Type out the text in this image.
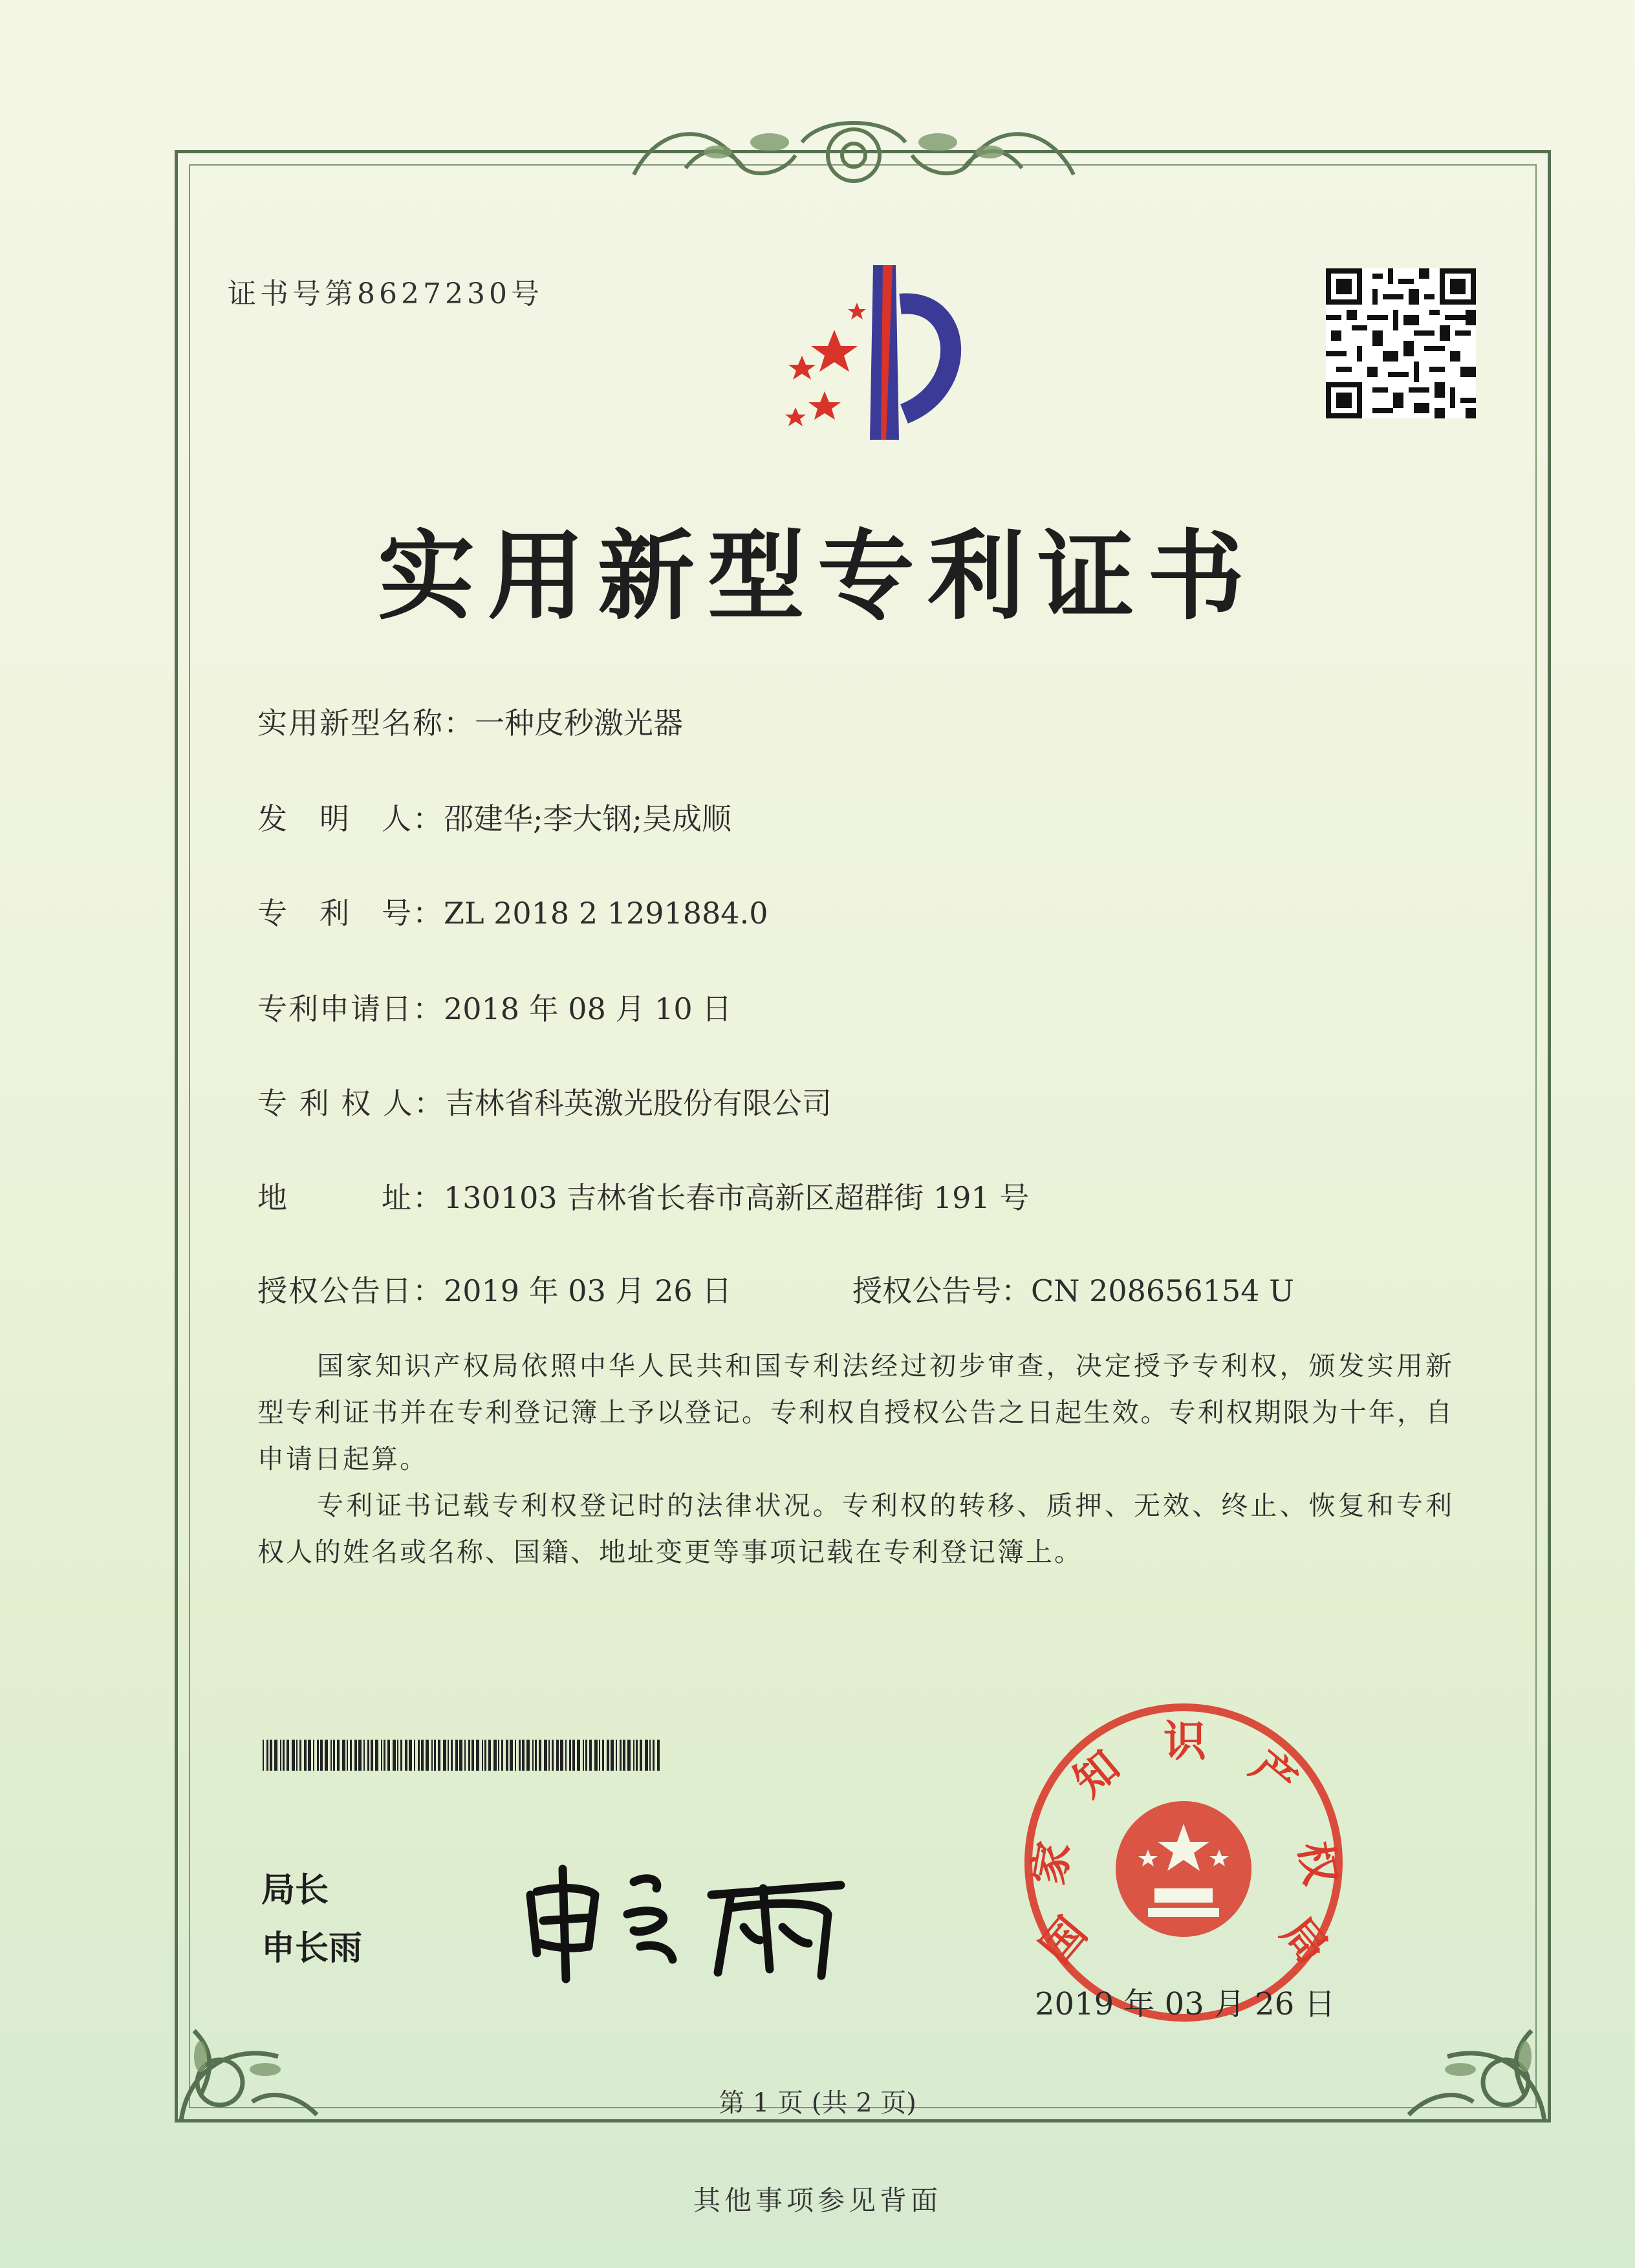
证书号第8627230号
实用新型专利证书
实用新型名称：一种皮秒激光器
发　明　人：邵建华;李大钢;吴成顺
专　利　号：ZL 2018 2 1291884.0
专利申请日：2018 年 08 月 10 日
专 利 权 人：吉林省科英激光股份有限公司
地　　　址：130103 吉林省长春市高新区超群街 191 号
授权公告日：2019 年 03 月 26 日	授权公告号：CN 208656154 U
国家知识产权局依照中华人民共和国专利法经过初步审查，决定授予专利权，颁发实用新型专利证书并在专利登记簿上予以登记。专利权自授权公告之日起生效。专利权期限为十年，自申请日起算。
专利证书记载专利权登记时的法律状况。专利权的转移、质押、无效、终止、恢复和专利权人的姓名或名称、国籍、地址变更等事项记载在专利登记簿上。
局长
申长雨	国
家
知 识 产
权
局
2019 年 03 月 26 日
第 1 页 (共 2 页)
其他事项参见背面
